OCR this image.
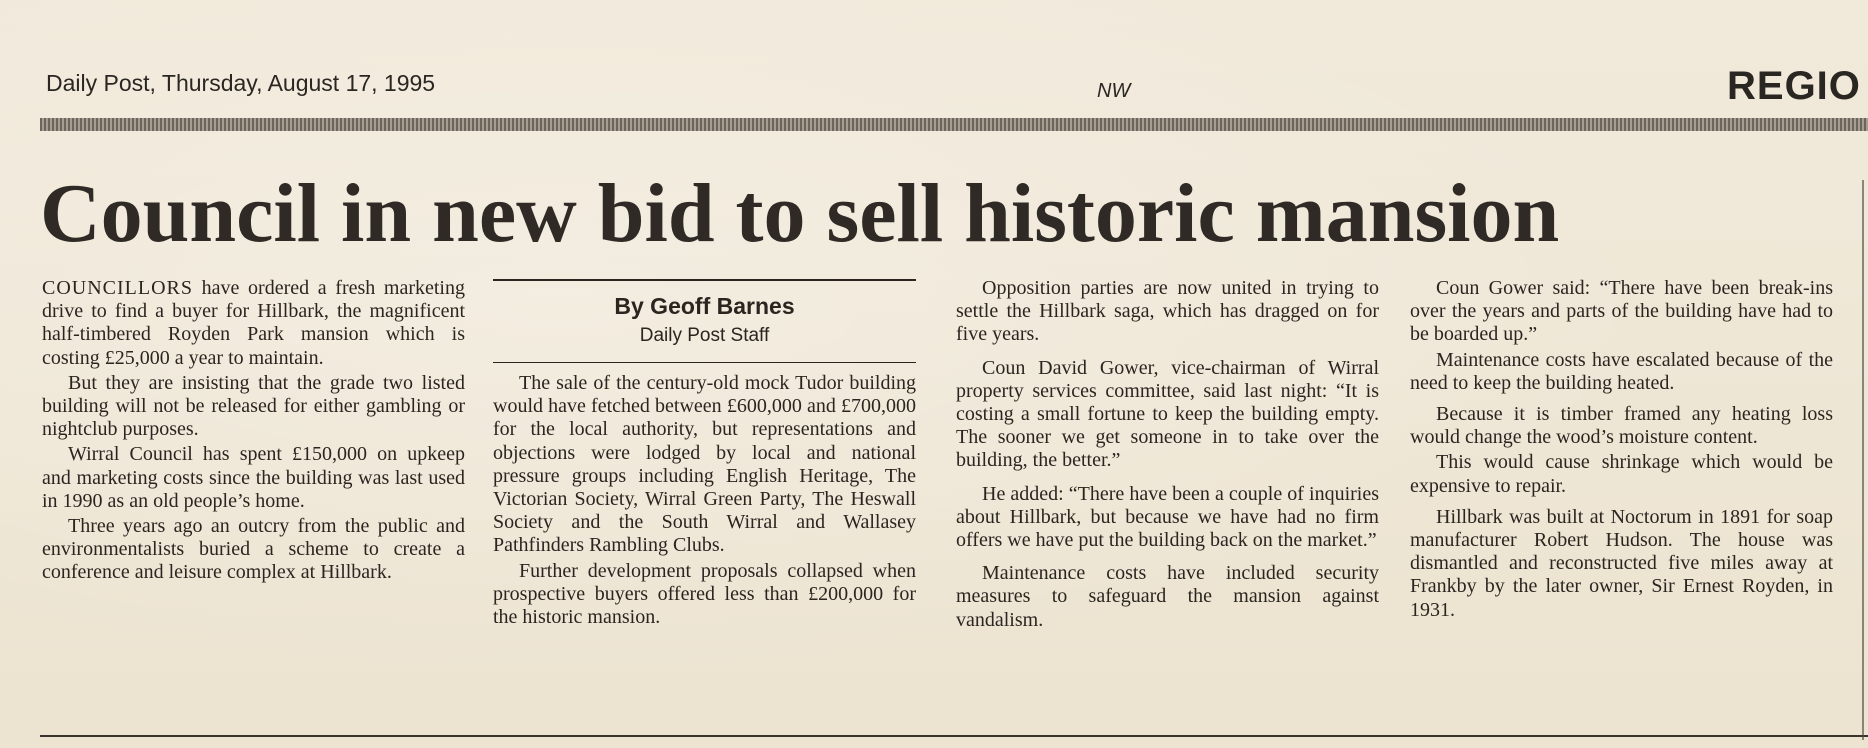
Daily Post, Thursday, August 17, 1995	NW	REGIO
Council in new bid to sell historic mansion

COUNCILLORS have ordered a fresh marketing drive to find a buyer for Hillbark, the magnificent half-timbered Royden Park mansion which is costing £25,000 a year to maintain.

But they are insisting that the grade two listed building will not be released for either gambling or nightclub purposes.

Wirral Council has spent £150,000 on upkeep and marketing costs since the building was last used in 1990 as an old people’s home.

Three years ago an outcry from the public and environmentalists buried a scheme to create a conference and leisure complex at Hillbark.

By Geoff Barnes
Daily Post Staff

The sale of the century-old mock Tudor building would have fetched between £600,000 and £700,000 for the local authority, but representations and objections were lodged by local and national pressure groups including English Heritage, The Victorian Society, Wirral Green Party, The Heswall Society and the South Wirral and Wallasey Pathfinders Rambling Clubs.

Further development proposals collapsed when prospective buyers offered less than £200,000 for the historic mansion.

Opposition parties are now united in trying to settle the Hillbark saga, which has dragged on for five years.

Coun David Gower, vice-chairman of Wirral property services committee, said last night: “It is costing a small fortune to keep the building empty. The sooner we get someone in to take over the building, the better.”

He added: “There have been a couple of inquiries about Hillbark, but because we have had no firm offers we have put the building back on the market.”

Maintenance costs have included security measures to safeguard the mansion against vandalism.

Coun Gower said: “There have been break-ins over the years and parts of the building have had to be boarded up.”

Maintenance costs have escalated because of the need to keep the building heated.

Because it is timber framed any heating loss would change the wood’s moisture content.

This would cause shrinkage which would be expensive to repair.

Hillbark was built at Noctorum in 1891 for soap manufacturer Robert Hudson. The house was dismantled and reconstructed five miles away at Frankby by the later owner, Sir Ernest Royden, in 1931.
